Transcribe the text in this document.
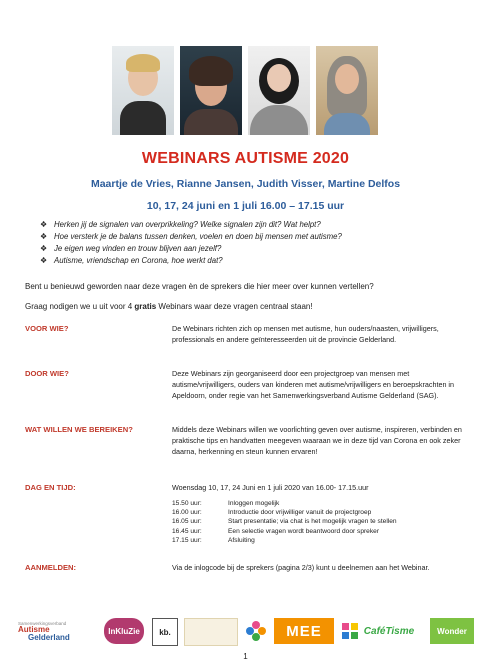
WEBINARS AUTISME 2020
Maartje de Vries, Rianne Jansen, Judith Visser, Martine Delfos
10, 17, 24 juni en 1 juli 16.00 – 17.15 uur
❖ Herken jij de signalen van overprikkeling? Welke signalen zijn dit? Wat helpt?
❖ Hoe versterk je de balans tussen denken, voelen en doen bij mensen met autisme?
❖ Je eigen weg vinden en trouw blijven aan jezelf?
❖ Autisme, vriendschap en Corona, hoe werkt dat?
Bent u benieuwd geworden naar deze vragen èn de sprekers die hier meer over kunnen vertellen?
Graag nodigen we u uit voor 4 gratis Webinars waar deze vragen centraal staan!
VOOR WIE?	De Webinars richten zich op mensen met autisme, hun ouders/naasten, vrijwilligers, professionals en andere geïnteresseerden uit de provincie Gelderland.
DOOR WIE?	Deze Webinars zijn georganiseerd door een projectgroep van mensen met autisme/vrijwilligers, ouders van kinderen met autisme/vrijwilligers en beroepskrachten in Apeldoorn, onder regie van het Samenwerkingsverband Autisme Gelderland (SAG).
WAT WILLEN WE BEREIKEN?	Middels deze Webinars willen we voorlichting geven over autisme, inspireren, verbinden en praktische tips en handvatten meegeven waaraan we in deze tijd van Corona en ook zeker daarna, herkenning en steun kunnen ervaren!
DAG EN TIJD:	Woensdag 10, 17, 24 Juni en 1 juli 2020 van 16.00- 17.15.uur
15.50 uur:	Inloggen mogelijk
16.00 uur:	Introductie door vrijwilliger vanuit de projectgroep
16.05 uur:	Start presentatie; via chat is het mogelijk vragen te stellen
16.45 uur:	Een selectie vragen wordt beantwoord door spreker
17.15 uur:	Afsluiting
AANMELDEN:	Via de inlogcode bij de sprekers (pagina 2/3) kunt u deelnemen aan het Webinar.
Samenwerkingsverband
Autisme
Gelderland
InKluZie	kb.	MEE	CaféTisme	Wonder
1
